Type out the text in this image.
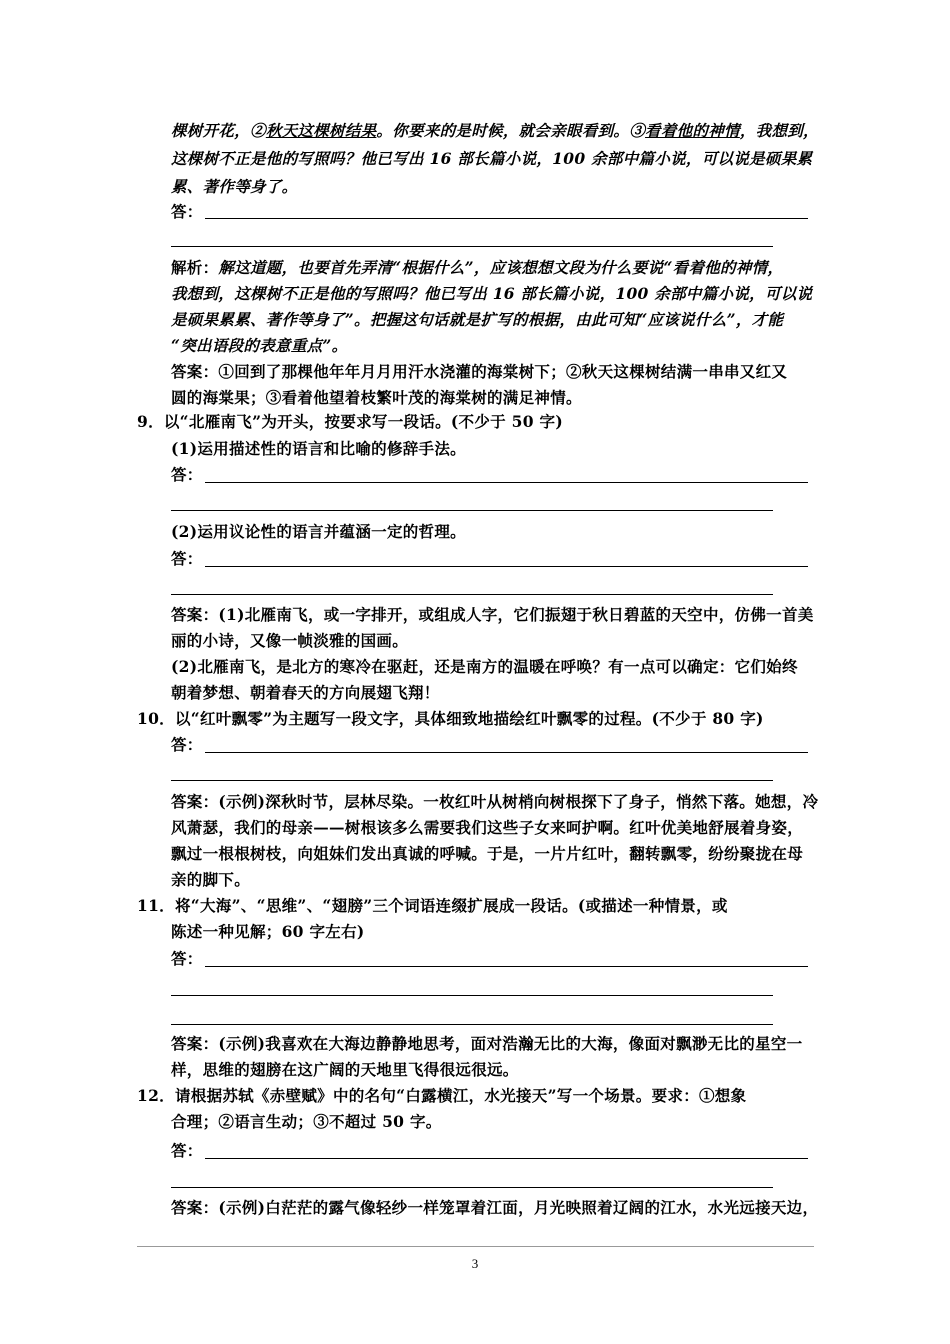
棵树开花，②秋天这棵树结果。你要来的是时候，就会亲眼看到。③看着他的神情，我想到，
这棵树不正是他的写照吗？他已写出 16 部长篇小说，100 余部中篇小说，可以说是硕果累
累、著作等身了。
答：
解析：解这道题，也要首先弄清“根据什么”，应该想想文段为什么要说“看着他的神情，
我想到，这棵树不正是他的写照吗？他已写出 16 部长篇小说，100 余部中篇小说，可以说
是硕果累累、著作等身了”。把握这句话就是扩写的根据，由此可知“应该说什么”，才能
“突出语段的表意重点”。
答案：①回到了那棵他年年月月用汗水浇灌的海棠树下；②秋天这棵树结满一串串又红又
圆的海棠果；③看着他望着枝繁叶茂的海棠树的满足神情。
9．以“北雁南飞”为开头，按要求写一段话。(不少于 50 字)
(1)运用描述性的语言和比喻的修辞手法。
答：
(2)运用议论性的语言并蕴涵一定的哲理。
答：
答案：(1)北雁南飞，或一字排开，或组成人字，它们振翅于秋日碧蓝的天空中，仿佛一首美
丽的小诗，又像一帧淡雅的国画。
(2)北雁南飞，是北方的寒冷在驱赶，还是南方的温暖在呼唤？有一点可以确定：它们始终
朝着梦想、朝着春天的方向展翅飞翔！
10．以“红叶飘零”为主题写一段文字，具体细致地描绘红叶飘零的过程。(不少于 80 字)
答：
答案：(示例)深秋时节，层林尽染。一枚红叶从树梢向树根探下了身子，悄然下落。她想，冷
风萧瑟，我们的母亲——树根该多么需要我们这些子女来呵护啊。红叶优美地舒展着身姿，
飘过一根根树枝，向姐妹们发出真诚的呼喊。于是，一片片红叶，翻转飘零，纷纷聚拢在母
亲的脚下。
11．将“大海”、“思维”、“翅膀”三个词语连缀扩展成一段话。(或描述一种情景，或
陈述一种见解；60 字左右)
答：
答案：(示例)我喜欢在大海边静静地思考，面对浩瀚无比的大海，像面对飘渺无比的星空一
样，思维的翅膀在这广阔的天地里飞得很远很远。
12．请根据苏轼《赤壁赋》中的名句“白露横江，水光接天”写一个场景。要求：①想象
合理；②语言生动；③不超过 50 字。
答：
答案：(示例)白茫茫的露气像轻纱一样笼罩着江面，月光映照着辽阔的江水，水光远接天边，
3
